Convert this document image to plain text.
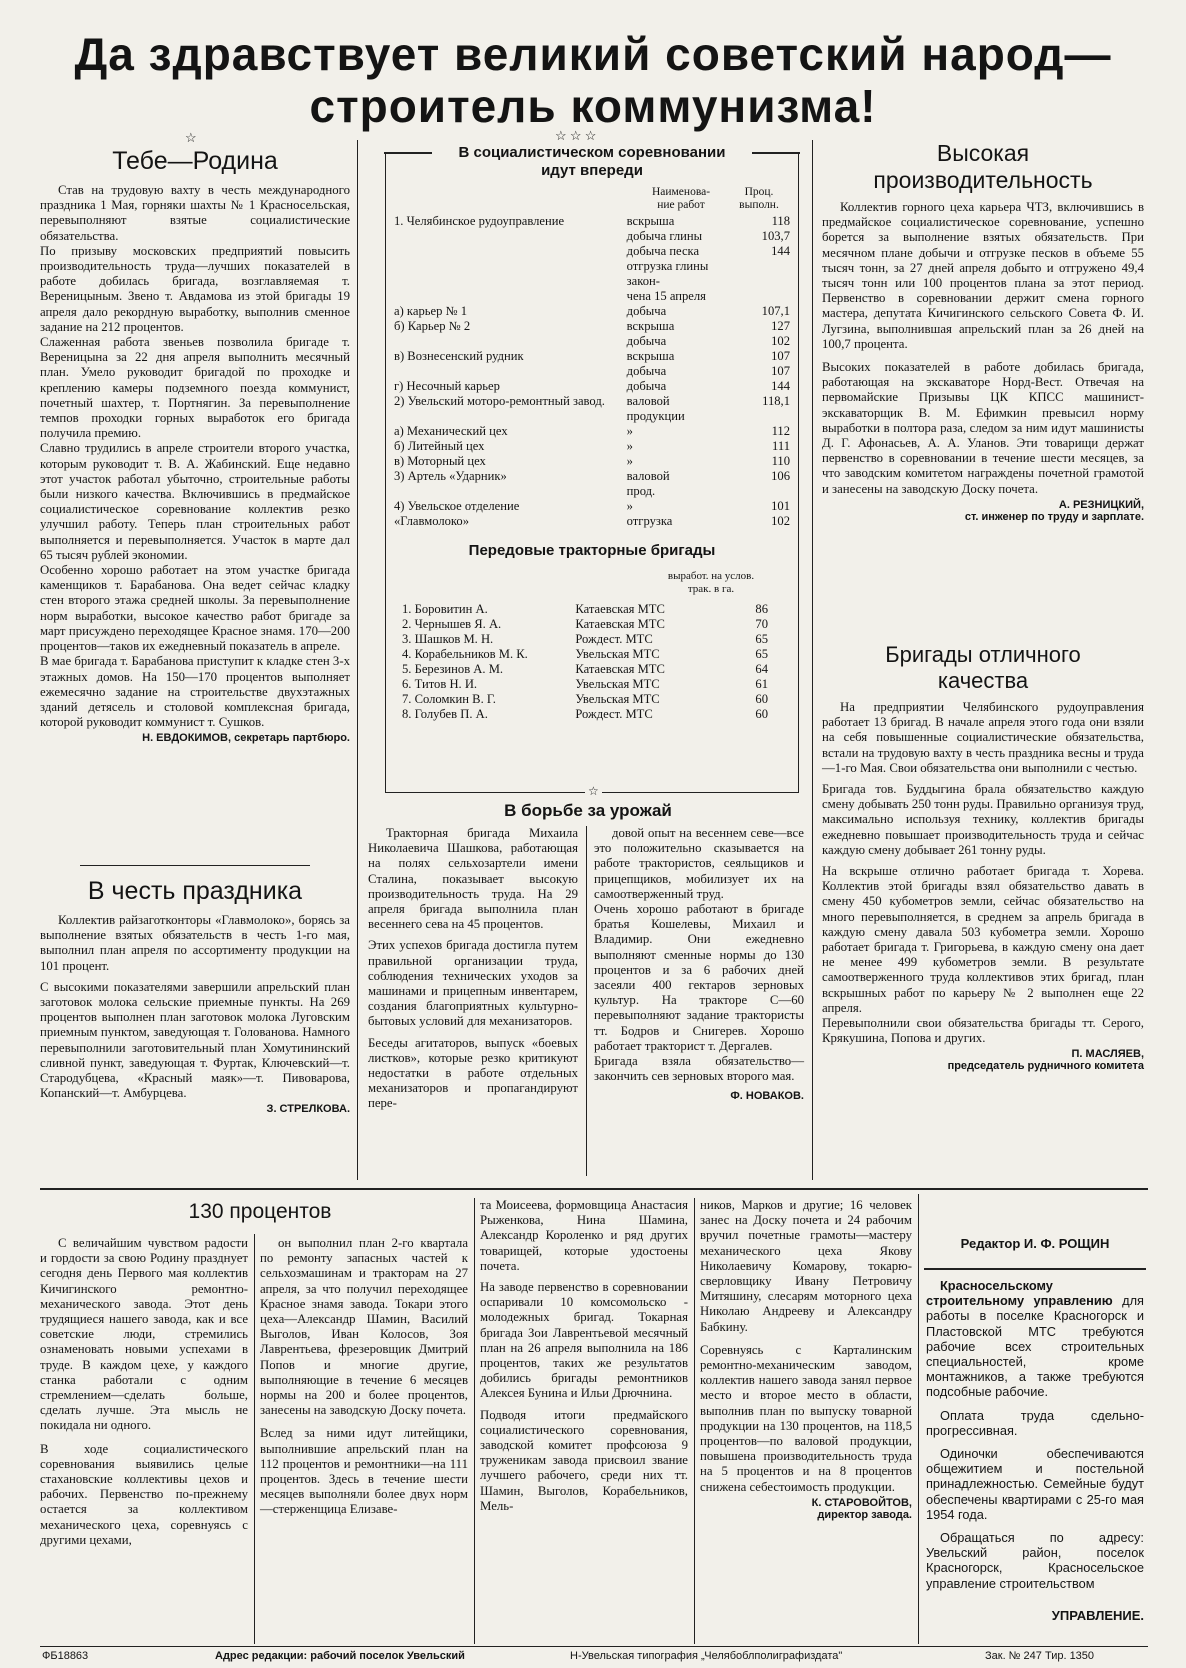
Да здравствует великий советский народ—
строитель коммунизма!
☆
Тебе—Родина

Став на трудовую вахту в честь международного праздника 1 Мая, горняки шахты № 1 Красносельская, перевыполняют взятые социалистические обязательства.

По призыву московских предприятий повысить производительность труда—лучших показателей в работе добилась бригада, возглавляемая т. Вереницыным. Звено т. Авдамова из этой бригады 19 апреля дало рекордную выработку, выполнив сменное задание на 212 процентов.

Слаженная работа звеньев позволила бригаде т. Вереницына за 22 дня апреля выполнить месячный план. Умело руководит бригадой по проходке и креплению камеры подземного поезда коммунист, почетный шахтер, т. Портнягин. За перевыполнение темпов проходки горных выработок его бригада получила премию.

Славно трудились в апреле строители второго участка, которым руководит т. В. А. Жабинский. Еще недавно этот участок работал убыточно, строительные работы были низкого качества. Включившись в предмайское социалистическое соревнование коллектив резко улучшил работу. Теперь план строительных работ выполняется и перевыполняется. Участок в марте дал 65 тысяч рублей экономии.

Особенно хорошо работает на этом участке бригада каменщиков т. Барабанова. Она ведет сейчас кладку стен второго этажа средней школы. За перевыполнение норм выработки, высокое качество работ бригаде за март присуждено переходящее Красное знамя. 170—200 процентов—таков их ежедневный показатель в апреле.

В мае бригада т. Барабанова приступит к кладке стен 3-х этажных домов. На 150—170 процентов выполняет ежемесячно задание на строительстве двухэтажных зданий детясель и столовой комплексная бригада, которой руководит коммунист т. Сушков.

Н. ЕВДОКИМОВ, секретарь партбюро.
В честь праздника

Коллектив райзаготконторы «Главмолоко», борясь за выполнение взятых обязательств в честь 1-го мая, выполнил план апреля по ассортименту продукции на 101 процент.

С высокими показателями завершили апрельский план заготовок молока сельские приемные пункты. На 269 процентов выполнен план заготовок молока Луговским приемным пунктом, заведующая т. Голованова. Намного перевыполнили заготовительный план Хомутининский сливной пункт, заведующая т. Фуртак, Ключевский—т. Стародубцева, «Красный маяк»—т. Пивоварова, Копанский—т. Амбурцева.

З. СТРЕЛКОВА.
☆ ☆ ☆
В социалистическом соревновании
идут впереди
Наименова-
ние работ
Проц.
выполн.
1. Челябинское рудоуправление	вскрыша	118
	добыча глины	103,7
	добыча песка	144
	отгрузка глины закон-
чена 15 апреля	
а) карьер № 1	добыча	107,1
б) Карьер № 2	вскрыша	127
	добыча	102
в) Вознесенский рудник	вскрыша	107
	добыча	107
г) Несочный карьер	добыча	144
2) Увельский моторо-ремонтный завод.	валовой
продукции	118,1
а) Механический цех	»	112
б) Литейный цех	»	111
в) Моторный цех	»	110
3) Артель «Ударник»	валовой
прод.	106
4) Увельское отделение	»	101
«Главмолоко»	отгрузка	102
Передовые тракторные бригады
выработ. на услов.
трак. в га.
1. Боровитин А.	Катаевская МТС	86
2. Чернышев Я. А.	Катаевская МТС	70
3. Шашков М. Н.	Рождест. МТС	65
4. Корабельников М. К.	Увельская МТС	65
5. Березинов А. М.	Катаевская МТС	64
6. Титов Н. И.	Увельская МТС	61
7. Соломкин В. Г.	Увельская МТС	60
8. Голубев П. А.	Рождест. МТС	60
☆
В борьбе за урожай

Тракторная бригада Михаила Николаевича Шашкова, работающая на полях сельхозартели имени Сталина, показывает высокую производительность труда. На 29 апреля бригада выполнила план весеннего сева на 45 процентов.

Этих успехов бригада достигла путем правильной организации труда, соблюдения технических уходов за машинами и прицепным инвентарем, создания благоприятных культурно-бытовых условий для механизаторов.

Беседы агитаторов, выпуск «боевых листков», которые резко критикуют недостатки в работе отдельных механизаторов и пропагандируют пере-

довой опыт на весеннем севе—все это положительно сказывается на работе трактористов, сеяльщиков и прицепщиков, мобилизует их на самоотверженный труд.

Очень хорошо работают в бригаде братья Кошелевы, Михаил и Владимир. Они ежедневно выполняют сменные нормы до 130 процентов и за 6 рабочих дней засеяли 400 гектаров зерновых культур. На тракторе С—60 перевыполняют задание трактористы тт. Бодров и Снигерев. Хорошо работает тракторист т. Дергалев.

Бригада взяла обязательство—закончить сев зерновых второго мая.

Ф. НОВАКОВ.
Высокая
производительность

Коллектив горного цеха карьера ЧТЗ, включившись в предмайское социалистическое соревнование, успешно борется за выполнение взятых обязательств. При месячном плане добычи и отгрузке песков в объеме 55 тысяч тонн, за 27 дней апреля добыто и отгружено 49,4 тысяч тонн или 100 процентов плана за этот период. Первенство в соревновании держит смена горного мастера, депутата Кичигинского сельского Совета Ф. И. Лугзина, выполнившая апрельский план за 26 дней на 100,7 процента.

Высоких показателей в работе добилась бригада, работающая на экскаваторе Норд-Вест. Отвечая на первомайские Призывы ЦК КПСС машинист-экскаваторщик В. М. Ефимкин превысил норму выработки в полтора раза, следом за ним идут машинисты Д. Г. Афонасьев, А. А. Уланов. Эти товарищи держат первенство в соревновании в течение шести месяцев, за что заводским комитетом награждены почетной грамотой и занесены на заводскую Доску почета.

А. РЕЗНИЦКИЙ,
ст. инженер по труду и зарплате.
Бригады отличного
качества

На предприятии Челябинского рудоуправления работает 13 бригад. В начале апреля этого года они взяли на себя повышенные социалистические обязательства, встали на трудовую вахту в честь праздника весны и труда—1-го Мая. Свои обязательства они выполнили с честью.

Бригада тов. Буддыгина брала обязательство каждую смену добывать 250 тонн руды. Правильно организуя труд, максимально используя технику, коллектив бригады ежедневно повышает производительность труда и сейчас каждую смену добывает 261 тонну руды.

На вскрыше отлично работает бригада т. Хорева. Коллектив этой бригады взял обязательство давать в смену 450 кубометров земли, сейчас обязательство на много перевыполняется, в среднем за апрель бригада в каждую смену давала 503 кубометра земли. Хорошо работает бригада т. Григорьева, в каждую смену она дает не менее 499 кубометров земли. В результате самоотверженного труда коллективов этих бригад, план вскрышных работ по карьеру № 2 выполнен еще 22 апреля.

Перевыполнили свои обязательства бригады тт. Серого, Крякушина, Попова и других.

П. МАСЛЯЕВ,
председатель рудничного комитета
130 процентов

С величайшим чувством радости и гордости за свою Родину празднует сегодня день Первого мая коллектив Кичигинского ремонтно-механического завода. Этот день трудящиеся нашего завода, как и все советские люди, стремились ознаменовать новыми успехами в труде. В каждом цехе, у каждого станка работали с одним стремлением—сделать больше, сделать лучше. Эта мысль не покидала ни одного.

В ходе социалистического соревнования выявились целые стахановские коллективы цехов и рабочих. Первенство по-прежнему остается за коллективом механического цеха, соревнуясь с другими цехами,

он выполнил план 2-го квартала по ремонту запасных частей к сельхозмашинам и тракторам на 27 апреля, за что получил переходящее Красное знамя завода. Токари этого цеха—Александр Шамин, Василий Выголов, Иван Колосов, Зоя Лаврентьева, фрезеровщик Дмитрий Попов и многие другие, выполняющие в течение 6 месяцев нормы на 200 и более процентов, занесены на заводскую Доску почета.

Вслед за ними идут литейщики, выполнившие апрельский план на 112 процентов и ремонтники—на 111 процентов. Здесь в течение шести месяцев выполняли более двух норм—стерженщица Елизаве-

та Моисеева, формовщица Анастасия Рыженкова, Нина Шамина, Александр Короленко и ряд других товарищей, которые удостоены почета.

На заводе первенство в соревновании оспаривали 10 комсомольско - молодежных бригад. Токарная бригада Зои Лаврентьевой месячный план на 26 апреля выполнила на 186 процентов, таких же результатов добились бригады ремонтников Алексея Бунина и Ильи Дрючнина.

Подводя итоги предмайского социалистического соревнования, заводской комитет профсоюза 9 труженикам завода присвоил звание лучшего рабочего, среди них тт. Шамин, Выголов, Корабельников, Мель-

ников, Марков и другие; 16 человек занес на Доску почета и 24 рабочим вручил почетные грамоты—мастеру механического цеха Якову Николаевичу Комарову, токарю-сверловщику Ивану Петровичу Митяшину, слесарям моторного цеха Николаю Андрееву и Александру Бабкину.

Соревнуясь с Карталинским ремонтно-механическим заводом, коллектив нашего завода занял первое место и второе место в области, выполнив план по выпуску товарной продукции на 130 процентов, на 118,5 процентов—по валовой продукции, повышена производительность труда на 5 процентов и на 8 процентов снижена себестоимость продукции.

К. СТАРОВОЙТОВ,
директор завода.
Редактор И. Ф. РОЩИН

Красносельскому строительному управлению для работы в поселке Красногорск и Пластовской МТС требуются рабочие всех строительных специальностей, кроме монтажников, а также требуются подсобные рабочие.

Оплата труда сдельно-прогрессивная.

Одиночки обеспечиваются общежитием и постельной принадлежностью. Семейные будут обеспечены квартирами с 25-го мая 1954 года.

Обращаться по адресу: Увельский район, поселок Красногорск, Красносельское управление строительством

УПРАВЛЕНИЕ.
ФБ18863	Адрес редакции: рабочий поселок Увельский	Н-Увельская типография „Челябоблполиграфиздата"	Зак. № 247 Тир. 1350
